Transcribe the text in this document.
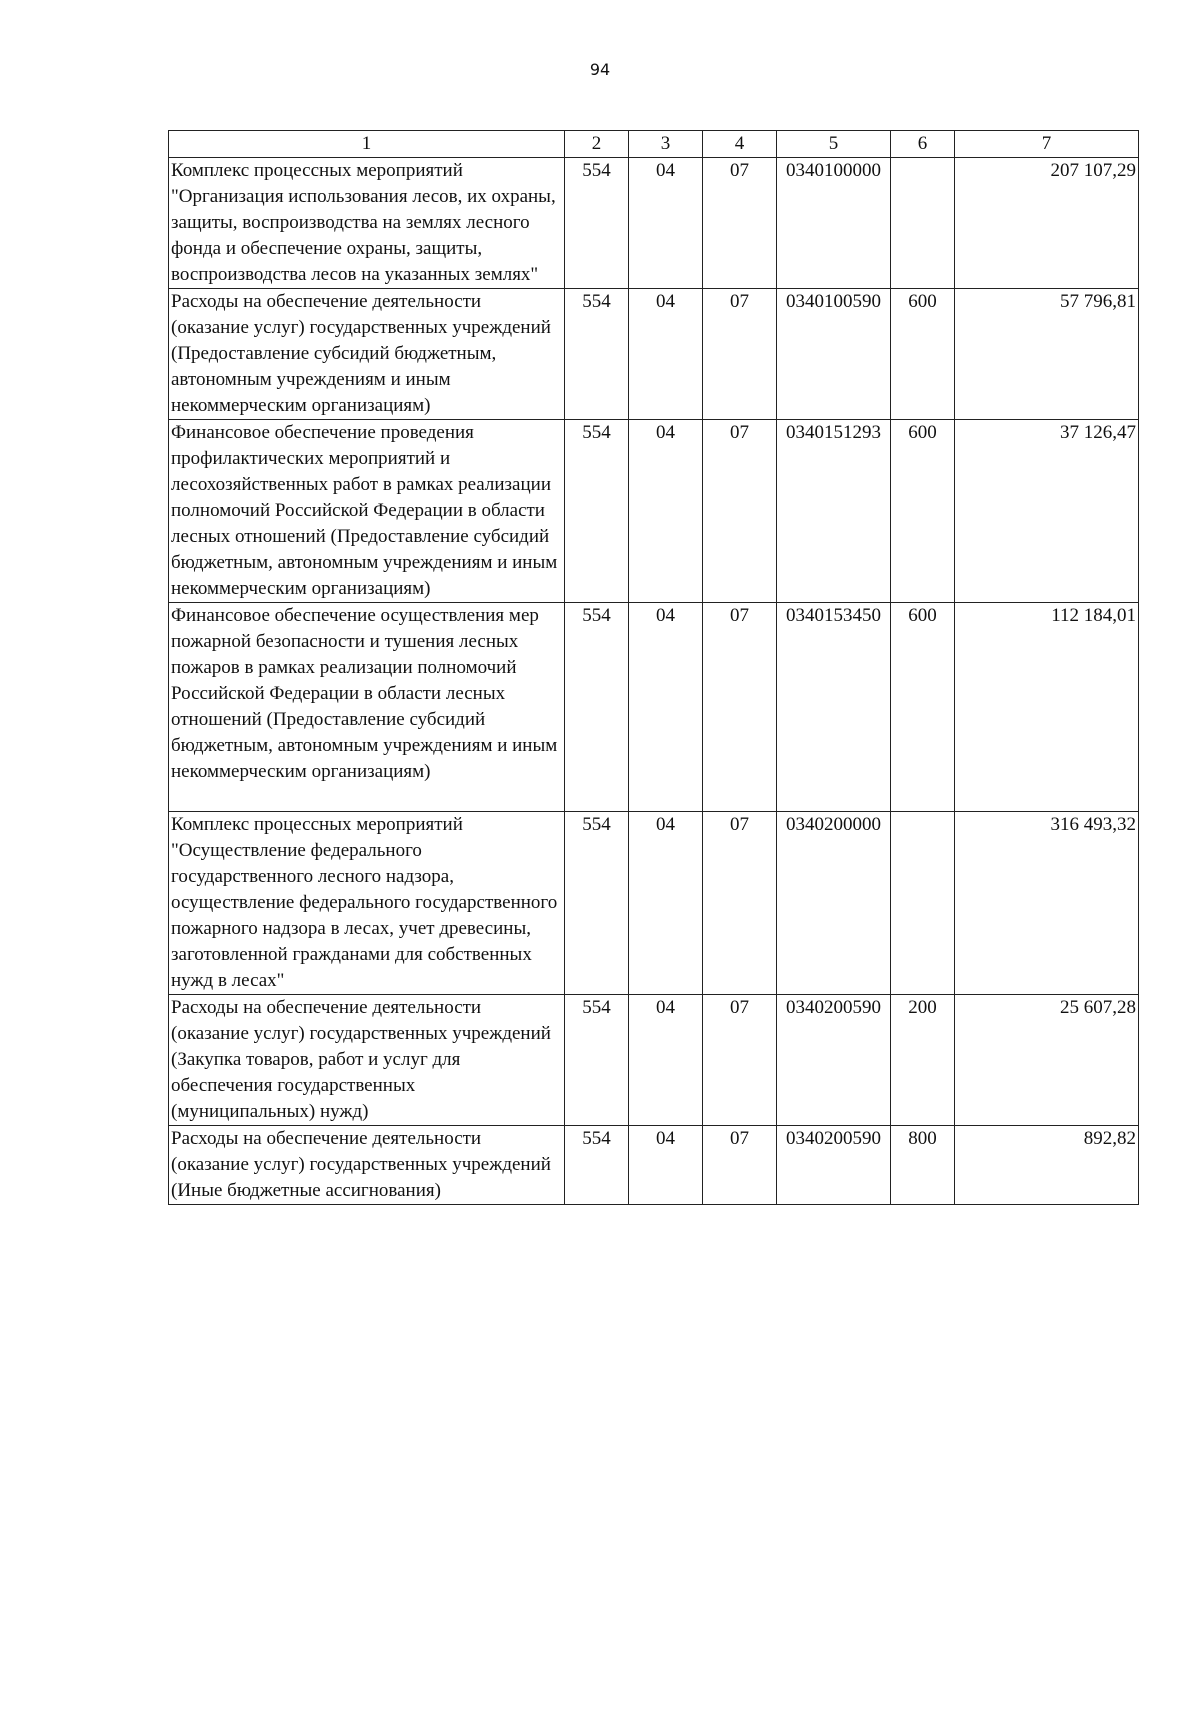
94
1	2	3	4	5	6	7
Комплекс процессных мероприятий "Организация использования лесов, их охраны, защиты, воспроизводства на землях лесного фонда и обеспечение охраны, защиты, воспроизводства лесов на указанных землях"	554	04	07	0340100000		207 107,29
Расходы на обеспечение деятельности (оказание услуг) государственных учреждений (Предоставление субсидий бюджетным, автономным учреждениям и иным некоммерческим организациям)	554	04	07	0340100590	600	57 796,81
Финансовое обеспечение проведения профилактических мероприятий и лесохозяйственных работ в рамках реализации полномочий Российской Федерации в области лесных отношений (Предоставление субсидий бюджетным, автономным учреждениям и иным некоммерческим организациям)	554	04	07	0340151293	600	37 126,47
Финансовое обеспечение осуществления мер пожарной безопасности и тушения лесных пожаров в рамках реализации полномочий Российской Федерации в области лесных отношений (Предоставление субсидий бюджетным, автономным учреждениям и иным некоммерческим организациям)	554	04	07	0340153450	600	112 184,01
Комплекс процессных мероприятий "Осуществление федерального государственного лесного надзора, осуществление федерального государственного пожарного надзора в лесах, учет древесины, заготовленной гражданами для собственных нужд в лесах"	554	04	07	0340200000		316 493,32
Расходы на обеспечение деятельности (оказание услуг) государственных учреждений (Закупка товаров, работ и услуг для обеспечения государственных (муниципальных) нужд)	554	04	07	0340200590	200	25 607,28
Расходы на обеспечение деятельности (оказание услуг) государственных учреждений (Иные бюджетные ассигнования)	554	04	07	0340200590	800	892,82
